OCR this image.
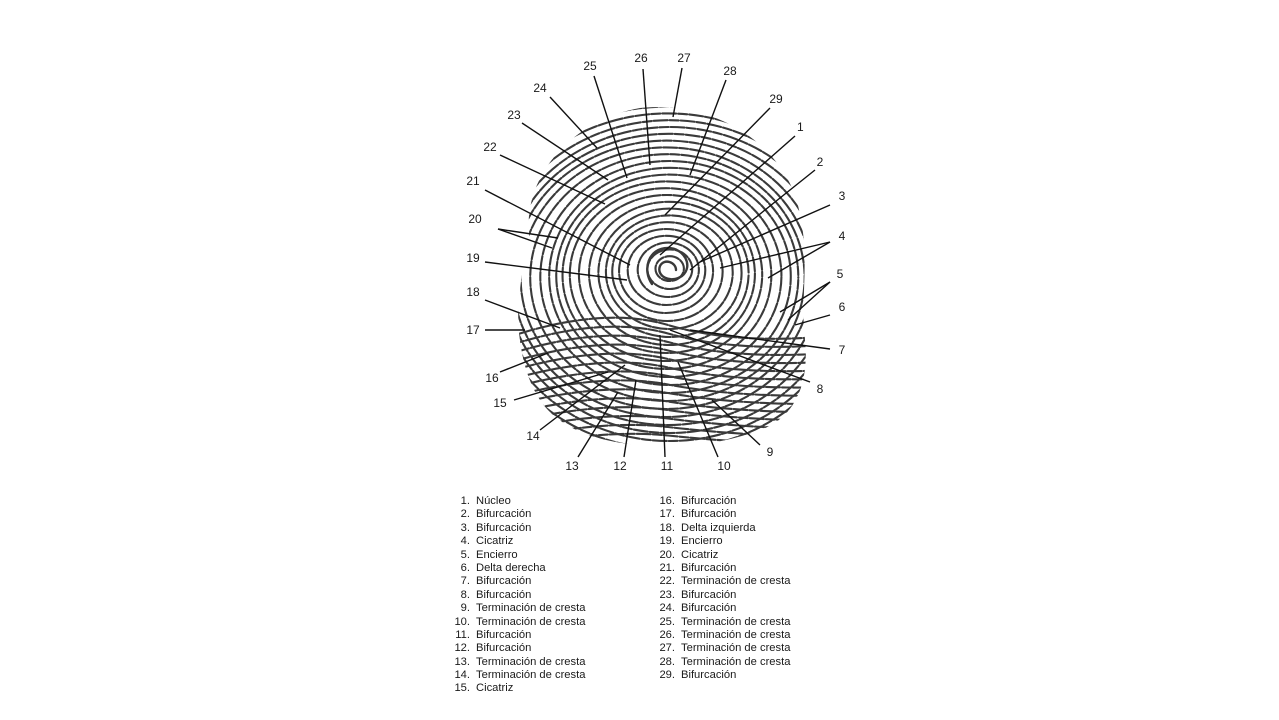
1
2
3
4
5
6
7
8
9
10
11
12
13
14
15
16
17
18
19
20
21
22
23
24
25
26 27
28
29
1. Núcleo
2. Bifurcación
3. Bifurcación
4. Cicatriz
5. Encierro
6. Delta derecha
7. Bifurcación
8. Bifurcación
9. Terminación de cresta
10. Terminación de cresta
11. Bifurcación
12. Bifurcación
13. Terminación de cresta
14. Terminación de cresta
15. Cicatriz
16. Bifurcación
17. Bifurcación
18. Delta izquierda
19. Encierro
20. Cicatriz
21. Bifurcación
22. Terminación de cresta
23. Bifurcación
24. Bifurcación
25. Terminación de cresta
26. Terminación de cresta
27. Terminación de cresta
28. Terminación de cresta
29. Bifurcación
